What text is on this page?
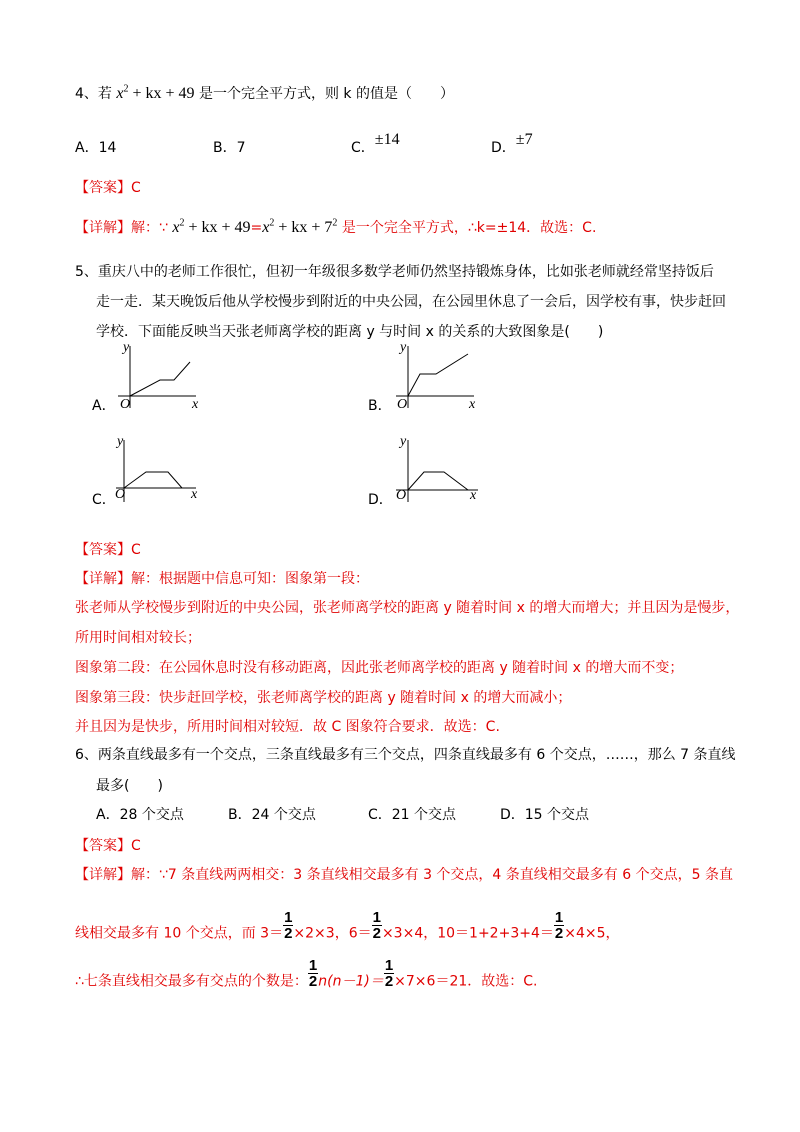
4、若 $x^2$ + kx + 49 是一个完全平方式，则 k 的值是（　　）
A．14	B．7	C．±14	D．±7
【答案】C
【详解】解：∵ $x^2$ + kx + $49=x^2$ + kx + $7^2$ 是一个完全平方式，∴k=±14．故选：C.
5、重庆八中的老师工作很忙，但初一年级很多数学老师仍然坚持锻炼身体，比如张老师就经常坚持饭后
走一走．某天晚饭后他从学校慢步到附近的中央公园，在公园里休息了一会后，因学校有事，快步赶回
学校．下面能反映当天张老师离学校的距离 y 与时间 x 的关系的大致图象是(　　)
A．
y
O	x	B．
y
O	x
C．
y
O	x	D．
y
O	x
【答案】C
【详解】解：根据题中信息可知：图象第一段：
张老师从学校慢步到附近的中央公园，张老师离学校的距离 y 随着时间 x 的增大而增大；并且因为是慢步，
所用时间相对较长；
图象第二段：在公园休息时没有移动距离，因此张老师离学校的距离 y 随着时间 x 的增大而不变；
图象第三段：快步赶回学校，张老师离学校的距离 y 随着时间 x 的增大而减小；
并且因为是快步，所用时间相对较短．故 C 图象符合要求．故选：C.
6、两条直线最多有一个交点，三条直线最多有三个交点，四条直线最多有 6 个交点，……，那么 7 条直线
最多(　　)
A．28 个交点	B．24 个交点	C．21 个交点	D．15 个交点
【答案】C
【详解】解：∵7 条直线两两相交：3 条直线相交最多有 3 个交点，4 条直线相交最多有 6 个交点，5 条直
线相交最多有 10 个交点，而 $3= \frac{1}{2} \times 2\times 3$，$6= \frac{1}{2} \times 3\times 4$，$10=1+2+3+4= \frac{1}{2} \times 4\times 5$，
∴七条直线相交最多有交点的个数是： $\frac{1}{2} n(n-1)= \frac{1}{2} \times 7\times 6=21$．故选：C.
